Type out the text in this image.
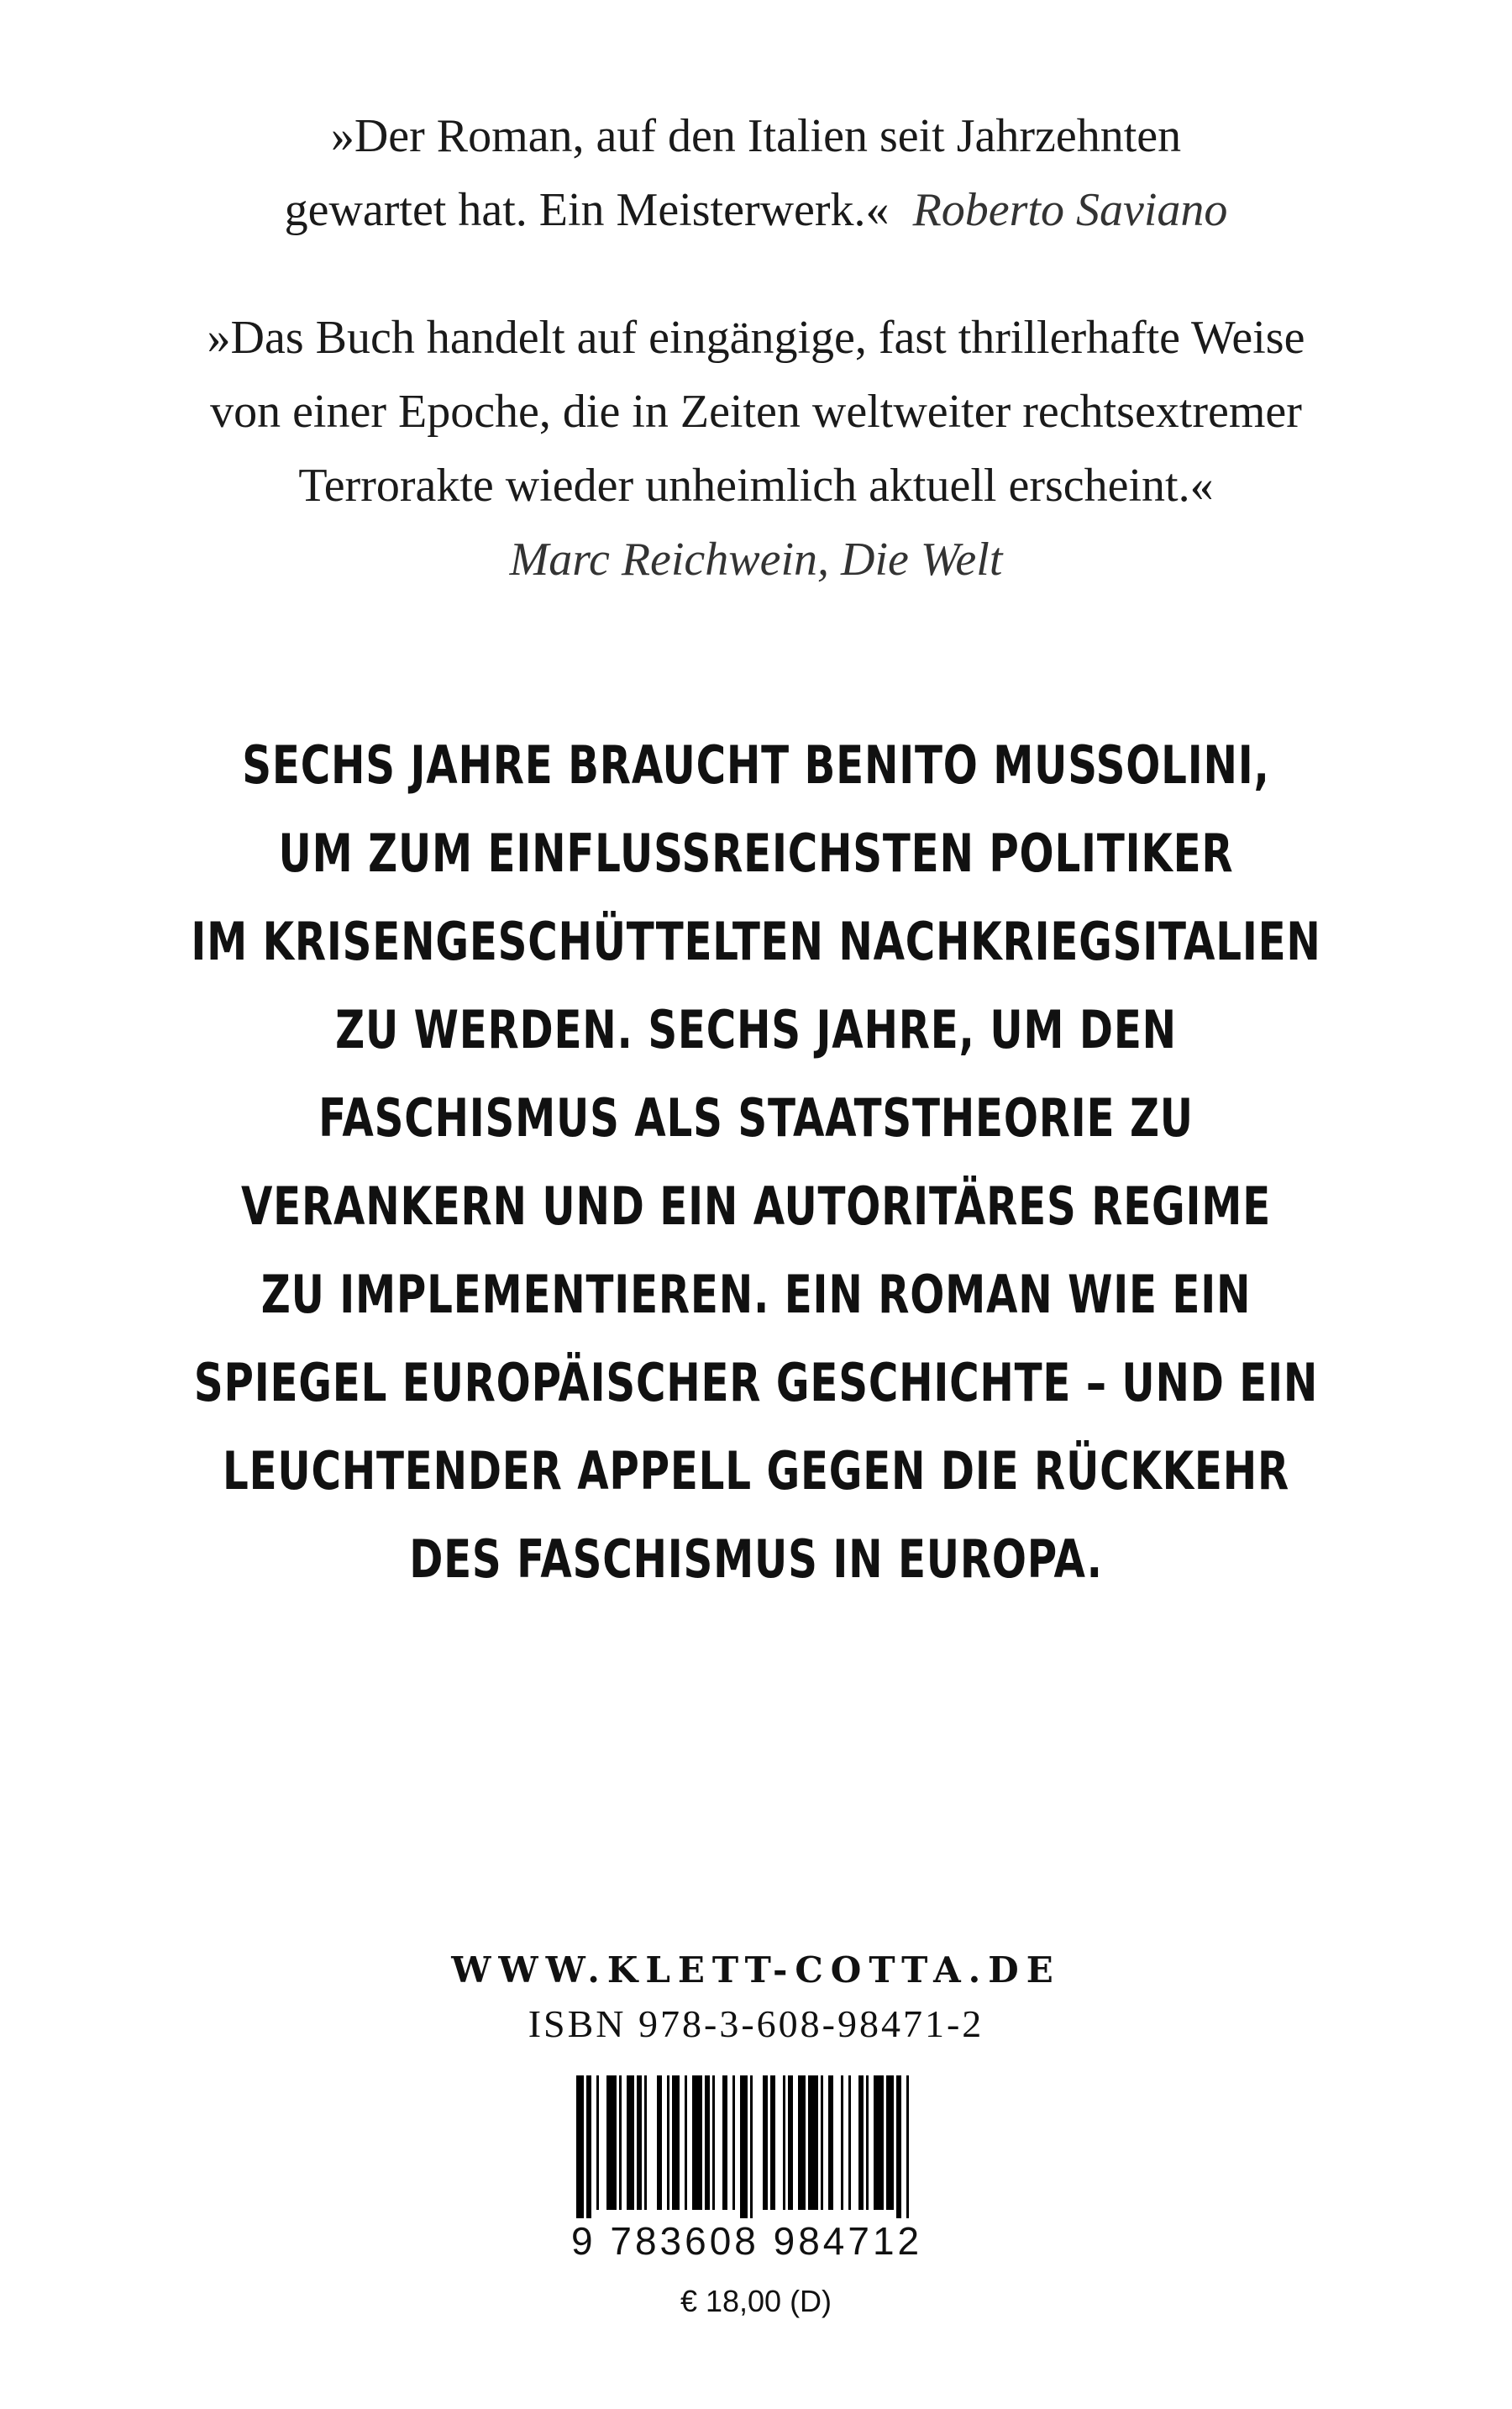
»Der Roman, auf den Italien seit Jahrzehnten
gewartet hat. Ein Meisterwerk.« Roberto Saviano
»Das Buch handelt auf eingängige, fast thrillerhafte Weise
von einer Epoche, die in Zeiten weltweiter rechtsextremer
Terrorakte wieder unheimlich aktuell erscheint.«
Marc Reichwein, Die Welt
SECHS JAHRE BRAUCHT BENITO MUSSOLINI,
UM ZUM EINFLUSSREICHSTEN POLITIKER
IM KRISENGESCHÜTTELTEN NACHKRIEGSITALIEN
ZU WERDEN. SECHS JAHRE, UM DEN
FASCHISMUS ALS STAATSTHEORIE ZU
VERANKERN UND EIN AUTORITÄRES REGIME
ZU IMPLEMENTIEREN. EIN ROMAN WIE EIN
SPIEGEL EUROPÄISCHER GESCHICHTE – UND EIN
LEUCHTENDER APPELL GEGEN DIE RÜCKKEHR
DES FASCHISMUS IN EUROPA.
WWW.KLETT-COTTA.DE
ISBN 978-3-608-98471-2
9 783608 984712
€ 18,00 (D)
